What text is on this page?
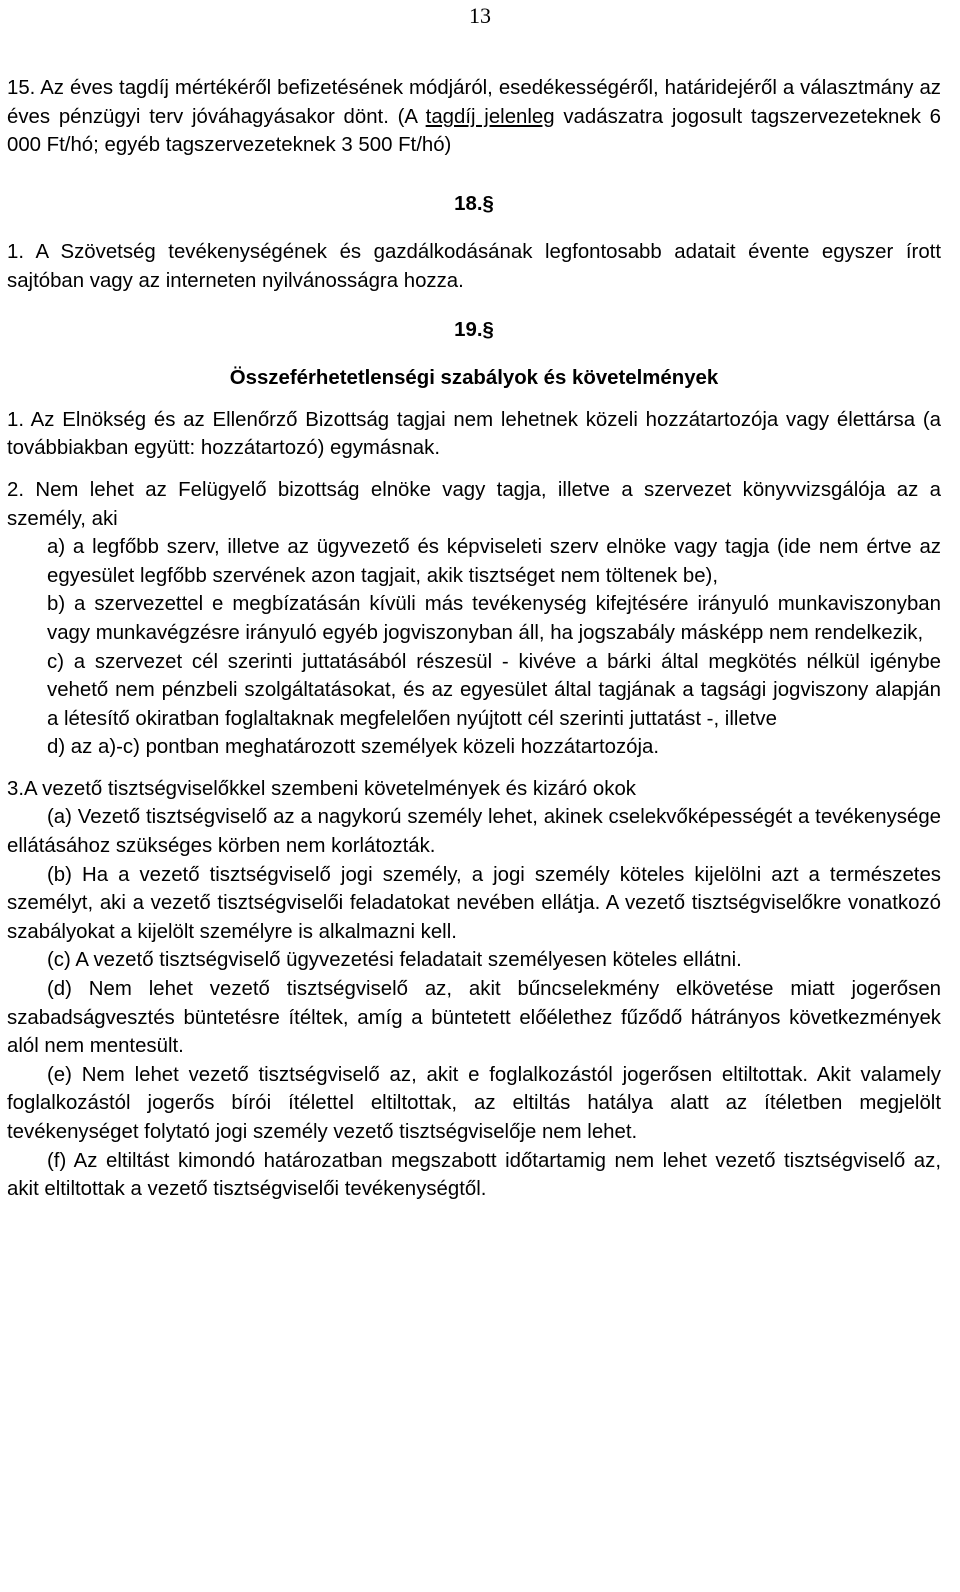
13

15. Az éves tagdíj mértékéről befizetésének módjáról, esedékességéről, határidejéről a választmány az éves pénzügyi terv jóváhagyásakor dönt. (A tagdíj jelenleg vadászatra jogosult tagszervezeteknek 6 000 Ft/hó; egyéb tagszervezeteknek 3 500 Ft/hó)

18.§

1. A Szövetség tevékenységének és gazdálkodásának legfontosabb adatait évente egyszer írott sajtóban vagy az interneten nyilvánosságra hozza.

19.§

Összeférhetetlenségi szabályok és követelmények

1. Az Elnökség és az Ellenőrző Bizottság tagjai nem lehetnek közeli hozzátartozója vagy élettársa (a továbbiakban együtt: hozzátartozó) egymásnak.

2. Nem lehet az Felügyelő bizottság elnöke vagy tagja, illetve a szervezet könyvvizsgálója az a személy, aki

a) a legfőbb szerv, illetve az ügyvezető és képviseleti szerv elnöke vagy tagja (ide nem értve az egyesület legfőbb szervének azon tagjait, akik tisztséget nem töltenek be),

b) a szervezettel e megbízatásán kívüli más tevékenység kifejtésére irányuló munkaviszonyban vagy munkavégzésre irányuló egyéb jogviszonyban áll, ha jogszabály másképp nem rendelkezik,

c) a szervezet cél szerinti juttatásából részesül - kivéve a bárki által megkötés nélkül igénybe vehető nem pénzbeli szolgáltatásokat, és az egyesület által tagjának a tagsági jogviszony alapján a létesítő okiratban foglaltaknak megfelelően nyújtott cél szerinti juttatást -, illetve

d) az a)-c) pontban meghatározott személyek közeli hozzátartozója.

3.A vezető tisztségviselőkkel szembeni követelmények és kizáró okok

(a) Vezető tisztségviselő az a nagykorú személy lehet, akinek cselekvőképességét a tevékenysége ellátásához szükséges körben nem korlátozták.

(b) Ha a vezető tisztségviselő jogi személy, a jogi személy köteles kijelölni azt a természetes személyt, aki a vezető tisztségviselői feladatokat nevében ellátja. A vezető tisztségviselőkre vonatkozó szabályokat a kijelölt személyre is alkalmazni kell.

(c) A vezető tisztségviselő ügyvezetési feladatait személyesen köteles ellátni.

(d) Nem lehet vezető tisztségviselő az, akit bűncselekmény elkövetése miatt jogerősen szabadságvesztés büntetésre ítéltek, amíg a büntetett előélethez fűződő hátrányos következmények alól nem mentesült.

(e) Nem lehet vezető tisztségviselő az, akit e foglalkozástól jogerősen eltiltottak. Akit valamely foglalkozástól jogerős bírói ítélettel eltiltottak, az eltiltás hatálya alatt az ítéletben megjelölt tevékenységet folytató jogi személy vezető tisztségviselője nem lehet.

(f) Az eltiltást kimondó határozatban megszabott időtartamig nem lehet vezető tisztségviselő az, akit eltiltottak a vezető tisztségviselői tevékenységtől.
